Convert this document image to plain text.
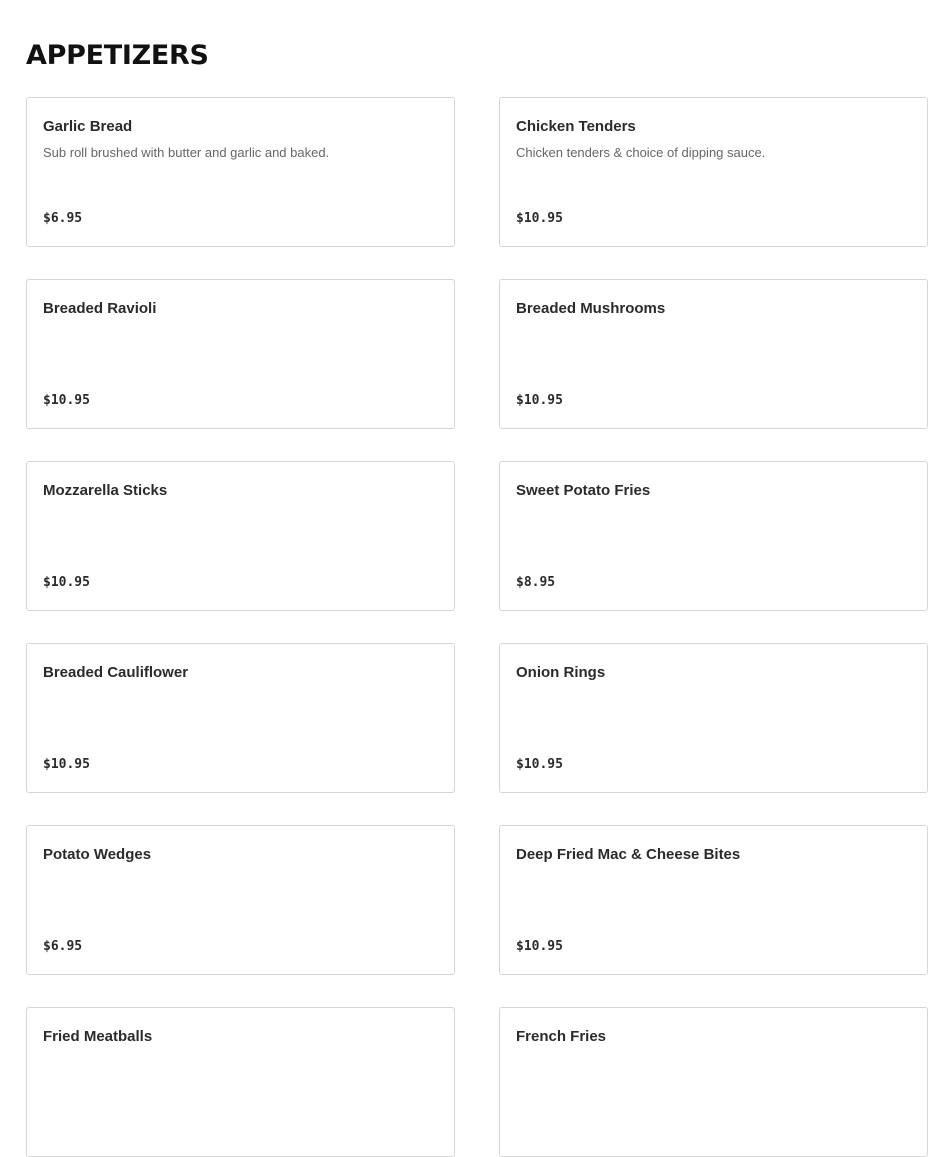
APPETIZERS
Garlic Bread
Sub roll brushed with butter and garlic and baked.
$6.95
Chicken Tenders
Chicken tenders & choice of dipping sauce.
$10.95
Breaded Ravioli
$10.95
Breaded Mushrooms
$10.95
Mozzarella Sticks
$10.95
Sweet Potato Fries
$8.95
Breaded Cauliflower
$10.95
Onion Rings
$10.95
Potato Wedges
$6.95
Deep Fried Mac & Cheese Bites
$10.95
Fried Meatballs	French Fries
